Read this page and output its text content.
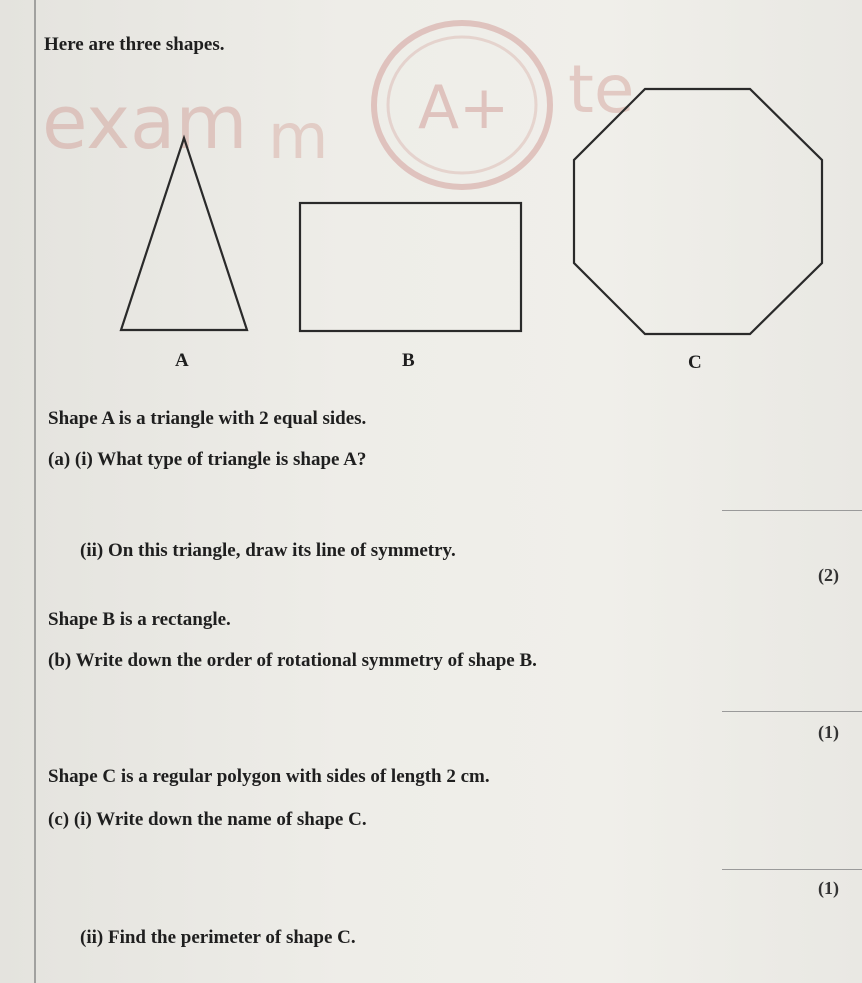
exam m A+ te
Here are three shapes.
A	B	C
Shape A is a triangle with 2 equal sides.
(a) (i) What type of triangle is shape A?
(ii) On this triangle, draw its line of symmetry.
(2)
Shape B is a rectangle.
(b) Write down the order of rotational symmetry of shape B.
(1)
Shape C is a regular polygon with sides of length 2 cm.
(c) (i) Write down the name of shape C.
(1)
(ii) Find the perimeter of shape C.
